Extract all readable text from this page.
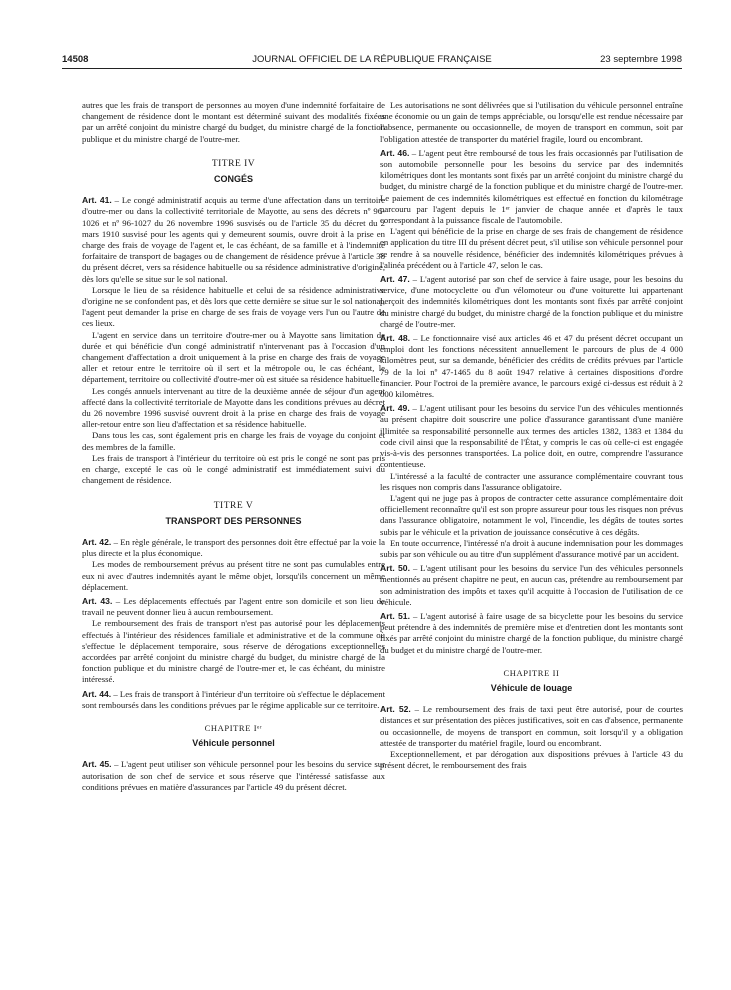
14508	JOURNAL OFFICIEL DE LA RÉPUBLIQUE FRANÇAISE	23 septembre 1998

autres que les frais de transport de personnes au moyen d'une indemnité forfaitaire de changement de résidence dont le montant est déterminé suivant des modalités fixées par un arrêté conjoint du ministre chargé du budget, du ministre chargé de la fonction publique et du ministre chargé de l'outre-mer.

TITRE IV

CONGÉS

Art. 41. – Le congé administratif acquis au terme d'une affectation dans un territoire d'outre-mer ou dans la collectivité territoriale de Mayotte, au sens des décrets nº 96-1026 et nº 96-1027 du 26 novembre 1996 susvisés ou de l'article 35 du décret du 2 mars 1910 susvisé pour les agents qui y demeurent soumis, ouvre droit à la prise en charge des frais de voyage de l'agent et, le cas échéant, de sa famille et à l'indemnité forfaitaire de transport de bagages ou de changement de résidence prévue à l'article 38 du présent décret, vers sa résidence habituelle ou sa résidence administrative d'origine, dès lors qu'elle se situe sur le sol national.

Lorsque le lieu de sa résidence habituelle et celui de sa résidence administrative d'origine ne se confondent pas, et dès lors que cette dernière se situe sur le sol national, l'agent peut demander la prise en charge de ses frais de voyage vers l'un ou l'autre de ces lieux.

L'agent en service dans un territoire d'outre-mer ou à Mayotte sans limitation de durée et qui bénéficie d'un congé administratif n'intervenant pas à l'occasion d'un changement d'affectation a droit uniquement à la prise en charge des frais de voyage aller et retour entre le territoire où il sert et la métropole ou, le cas échéant, le département, territoire ou collectivité d'outre-mer où est située sa résidence habituelle.

Les congés annuels intervenant au titre de la deuxième année de séjour d'un agent affecté dans la collectivité territoriale de Mayotte dans les conditions prévues au décret du 26 novembre 1996 susvisé ouvrent droit à la prise en charge des frais de voyage aller-retour entre son lieu d'affectation et sa résidence habituelle.

Dans tous les cas, sont également pris en charge les frais de voyage du conjoint et des membres de la famille.

Les frais de transport à l'intérieur du territoire où est pris le congé ne sont pas pris en charge, excepté le cas où le congé administratif est immédiatement suivi du changement de résidence.

TITRE V

TRANSPORT DES PERSONNES

Art. 42. – En règle générale, le transport des personnes doit être effectué par la voie la plus directe et la plus économique.

Les modes de remboursement prévus au présent titre ne sont pas cumulables entre eux ni avec d'autres indemnités ayant le même objet, lorsqu'ils concernent un même déplacement.

Art. 43. – Les déplacements effectués par l'agent entre son domicile et son lieu de travail ne peuvent donner lieu à aucun remboursement.

Le remboursement des frais de transport n'est pas autorisé pour les déplacements effectués à l'intérieur des résidences familiale et administrative et de la commune où s'effectue le déplacement temporaire, sous réserve de dérogations exceptionnelles accordées par arrêté conjoint du ministre chargé du budget, du ministre chargé de la fonction publique et du ministre chargé de l'outre-mer et, le cas échéant, du ministre intéressé.

Art. 44. – Les frais de transport à l'intérieur d'un territoire où s'effectue le déplacement sont remboursés dans les conditions prévues par le régime applicable sur ce territoire.

CHAPITRE Iᵉʳ

Véhicule personnel

Art. 45. – L'agent peut utiliser son véhicule personnel pour les besoins du service sur autorisation de son chef de service et sous réserve que l'intéressé satisfasse aux conditions prévues en matière d'assurances par l'article 49 du présent décret.

Les autorisations ne sont délivrées que si l'utilisation du véhicule personnel entraîne une économie ou un gain de temps appréciable, ou lorsqu'elle est rendue nécessaire par l'absence, permanente ou occasionnelle, de moyen de transport en commun, soit par l'obligation attestée de transporter du matériel fragile, lourd ou encombrant.

Art. 46. – L'agent peut être remboursé de tous les frais occasionnés par l'utilisation de son automobile personnelle pour les besoins du service par des indemnités kilométriques dont les montants sont fixés par un arrêté conjoint du ministre chargé du budget, du ministre chargé de la fonction publique et du ministre chargé de l'outre-mer. Le paiement de ces indemnités kilométriques est effectué en fonction du kilométrage parcouru par l'agent depuis le 1ᵉʳ janvier de chaque année et d'après le taux correspondant à la puissance fiscale de l'automobile.

L'agent qui bénéficie de la prise en charge de ses frais de changement de résidence en application du titre III du présent décret peut, s'il utilise son véhicule personnel pour se rendre à sa nouvelle résidence, bénéficier des indemnités kilométriques prévues à l'alinéa précédent ou à l'article 47, selon le cas.

Art. 47. – L'agent autorisé par son chef de service à faire usage, pour les besoins du service, d'une motocyclette ou d'un vélomoteur ou d'une voiturette lui appartenant perçoit des indemnités kilométriques dont les montants sont fixés par arrêté conjoint du ministre chargé du budget, du ministre chargé de la fonction publique et du ministre chargé de l'outre-mer.

Art. 48. – Le fonctionnaire visé aux articles 46 et 47 du présent décret occupant un emploi dont les fonctions nécessitent annuellement le parcours de plus de 4 000 kilomètres peut, sur sa demande, bénéficier des crédits de crédits prévues par l'article 79 de la loi nº 47-1465 du 8 août 1947 relative à certaines dispositions d'ordre financier. Pour l'octroi de la première avance, le parcours exigé ci-dessus est réduit à 2 000 kilomètres.

Art. 49. – L'agent utilisant pour les besoins du service l'un des véhicules mentionnés au présent chapitre doit souscrire une police d'assurance garantissant d'une manière illimitée sa responsabilité personnelle aux termes des articles 1382, 1383 et 1384 du code civil ainsi que la responsabilité de l'État, y compris le cas où celle-ci est engagée vis-à-vis des personnes transportées. La police doit, en outre, comprendre l'assurance contentieuse.

L'intéressé a la faculté de contracter une assurance complémentaire couvrant tous les risques non compris dans l'assurance obligatoire.

L'agent qui ne juge pas à propos de contracter cette assurance complémentaire doit officiellement reconnaître qu'il est son propre assureur pour tous les risques non prévus dans l'assurance obligatoire, notamment le vol, l'incendie, les dégâts de toutes sortes subis par le véhicule et la privation de jouissance consécutive à ces dégâts.

En toute occurrence, l'intéressé n'a droit à aucune indemnisation pour les dommages subis par son véhicule ou au titre d'un supplément d'assurance motivé par un accident.

Art. 50. – L'agent utilisant pour les besoins du service l'un des véhicules personnels mentionnés au présent chapitre ne peut, en aucun cas, prétendre au remboursement par son administration des impôts et taxes qu'il acquitte à l'occasion de l'utilisation de ce véhicule.

Art. 51. – L'agent autorisé à faire usage de sa bicyclette pour les besoins du service peut prétendre à des indemnités de première mise et d'entretien dont les montants sont fixés par arrêté conjoint du ministre chargé de la fonction publique, du ministre chargé du budget et du ministre chargé de l'outre-mer.

CHAPITRE II

Véhicule de louage

Art. 52. – Le remboursement des frais de taxi peut être autorisé, pour de courtes distances et sur présentation des pièces justificatives, soit en cas d'absence, permanente ou occasionnelle, de moyens de transport en commun, soit lorsqu'il y a obligation attestée de transporter du matériel fragile, lourd ou encombrant.

Exceptionnellement, et par dérogation aux dispositions prévues à l'article 43 du présent décret, le remboursement des frais
